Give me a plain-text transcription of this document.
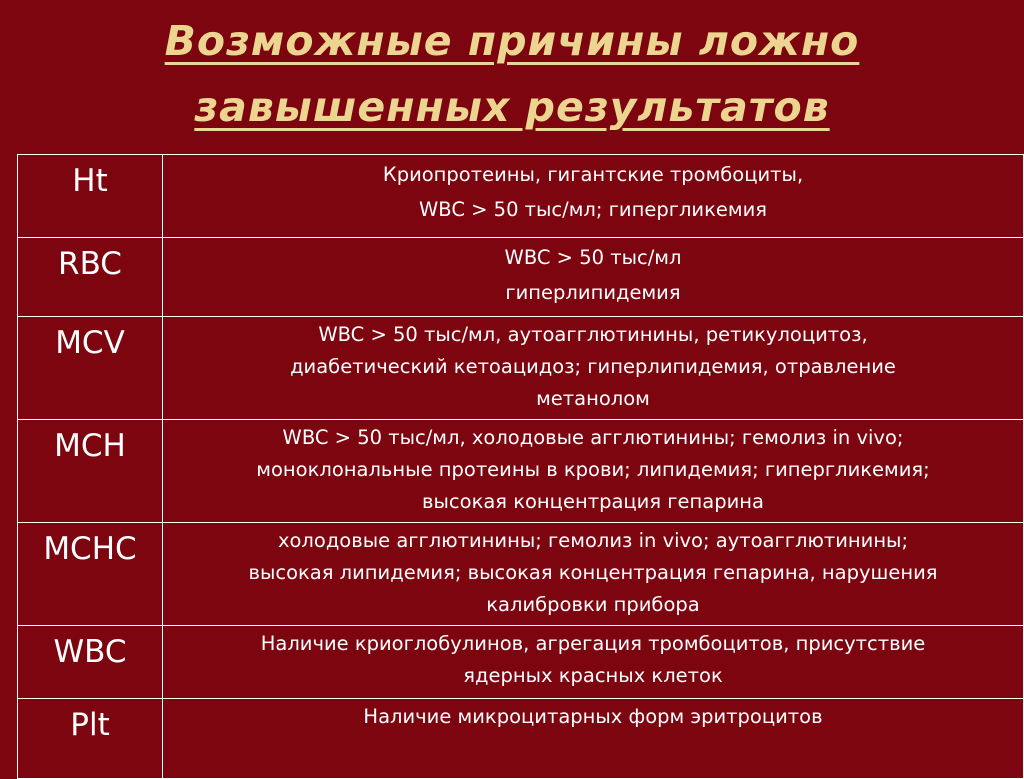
Возможные причины ложно
завышенных результатов
Ht	Криопротеины, гигантские тромбоциты,
WBC > 50 тыс/мл; гипергликемия

RBC	WBC > 50 тыс/мл
гиперлипидемия

MCV	WBC > 50 тыс/мл, аутоагглютинины, ретикулоцитоз,
диабетический кетоацидоз; гиперлипидемия, отравление
метанолом

MCH	WBC > 50 тыс/мл, холодовые агглютинины; гемолиз in vivo;
моноклональные протеины в крови; липидемия; гипергликемия;
высокая концентрация гепарина

MCHC	холодовые агглютинины; гемолиз in vivo; аутоагглютинины;
высокая липидемия; высокая концентрация гепарина, нарушения
калибровки прибора

WBC	Наличие криоглобулинов, агрегация тромбоцитов, присутствие
ядерных красных клеток

Plt	Наличие микроцитарных форм эритроцитов
